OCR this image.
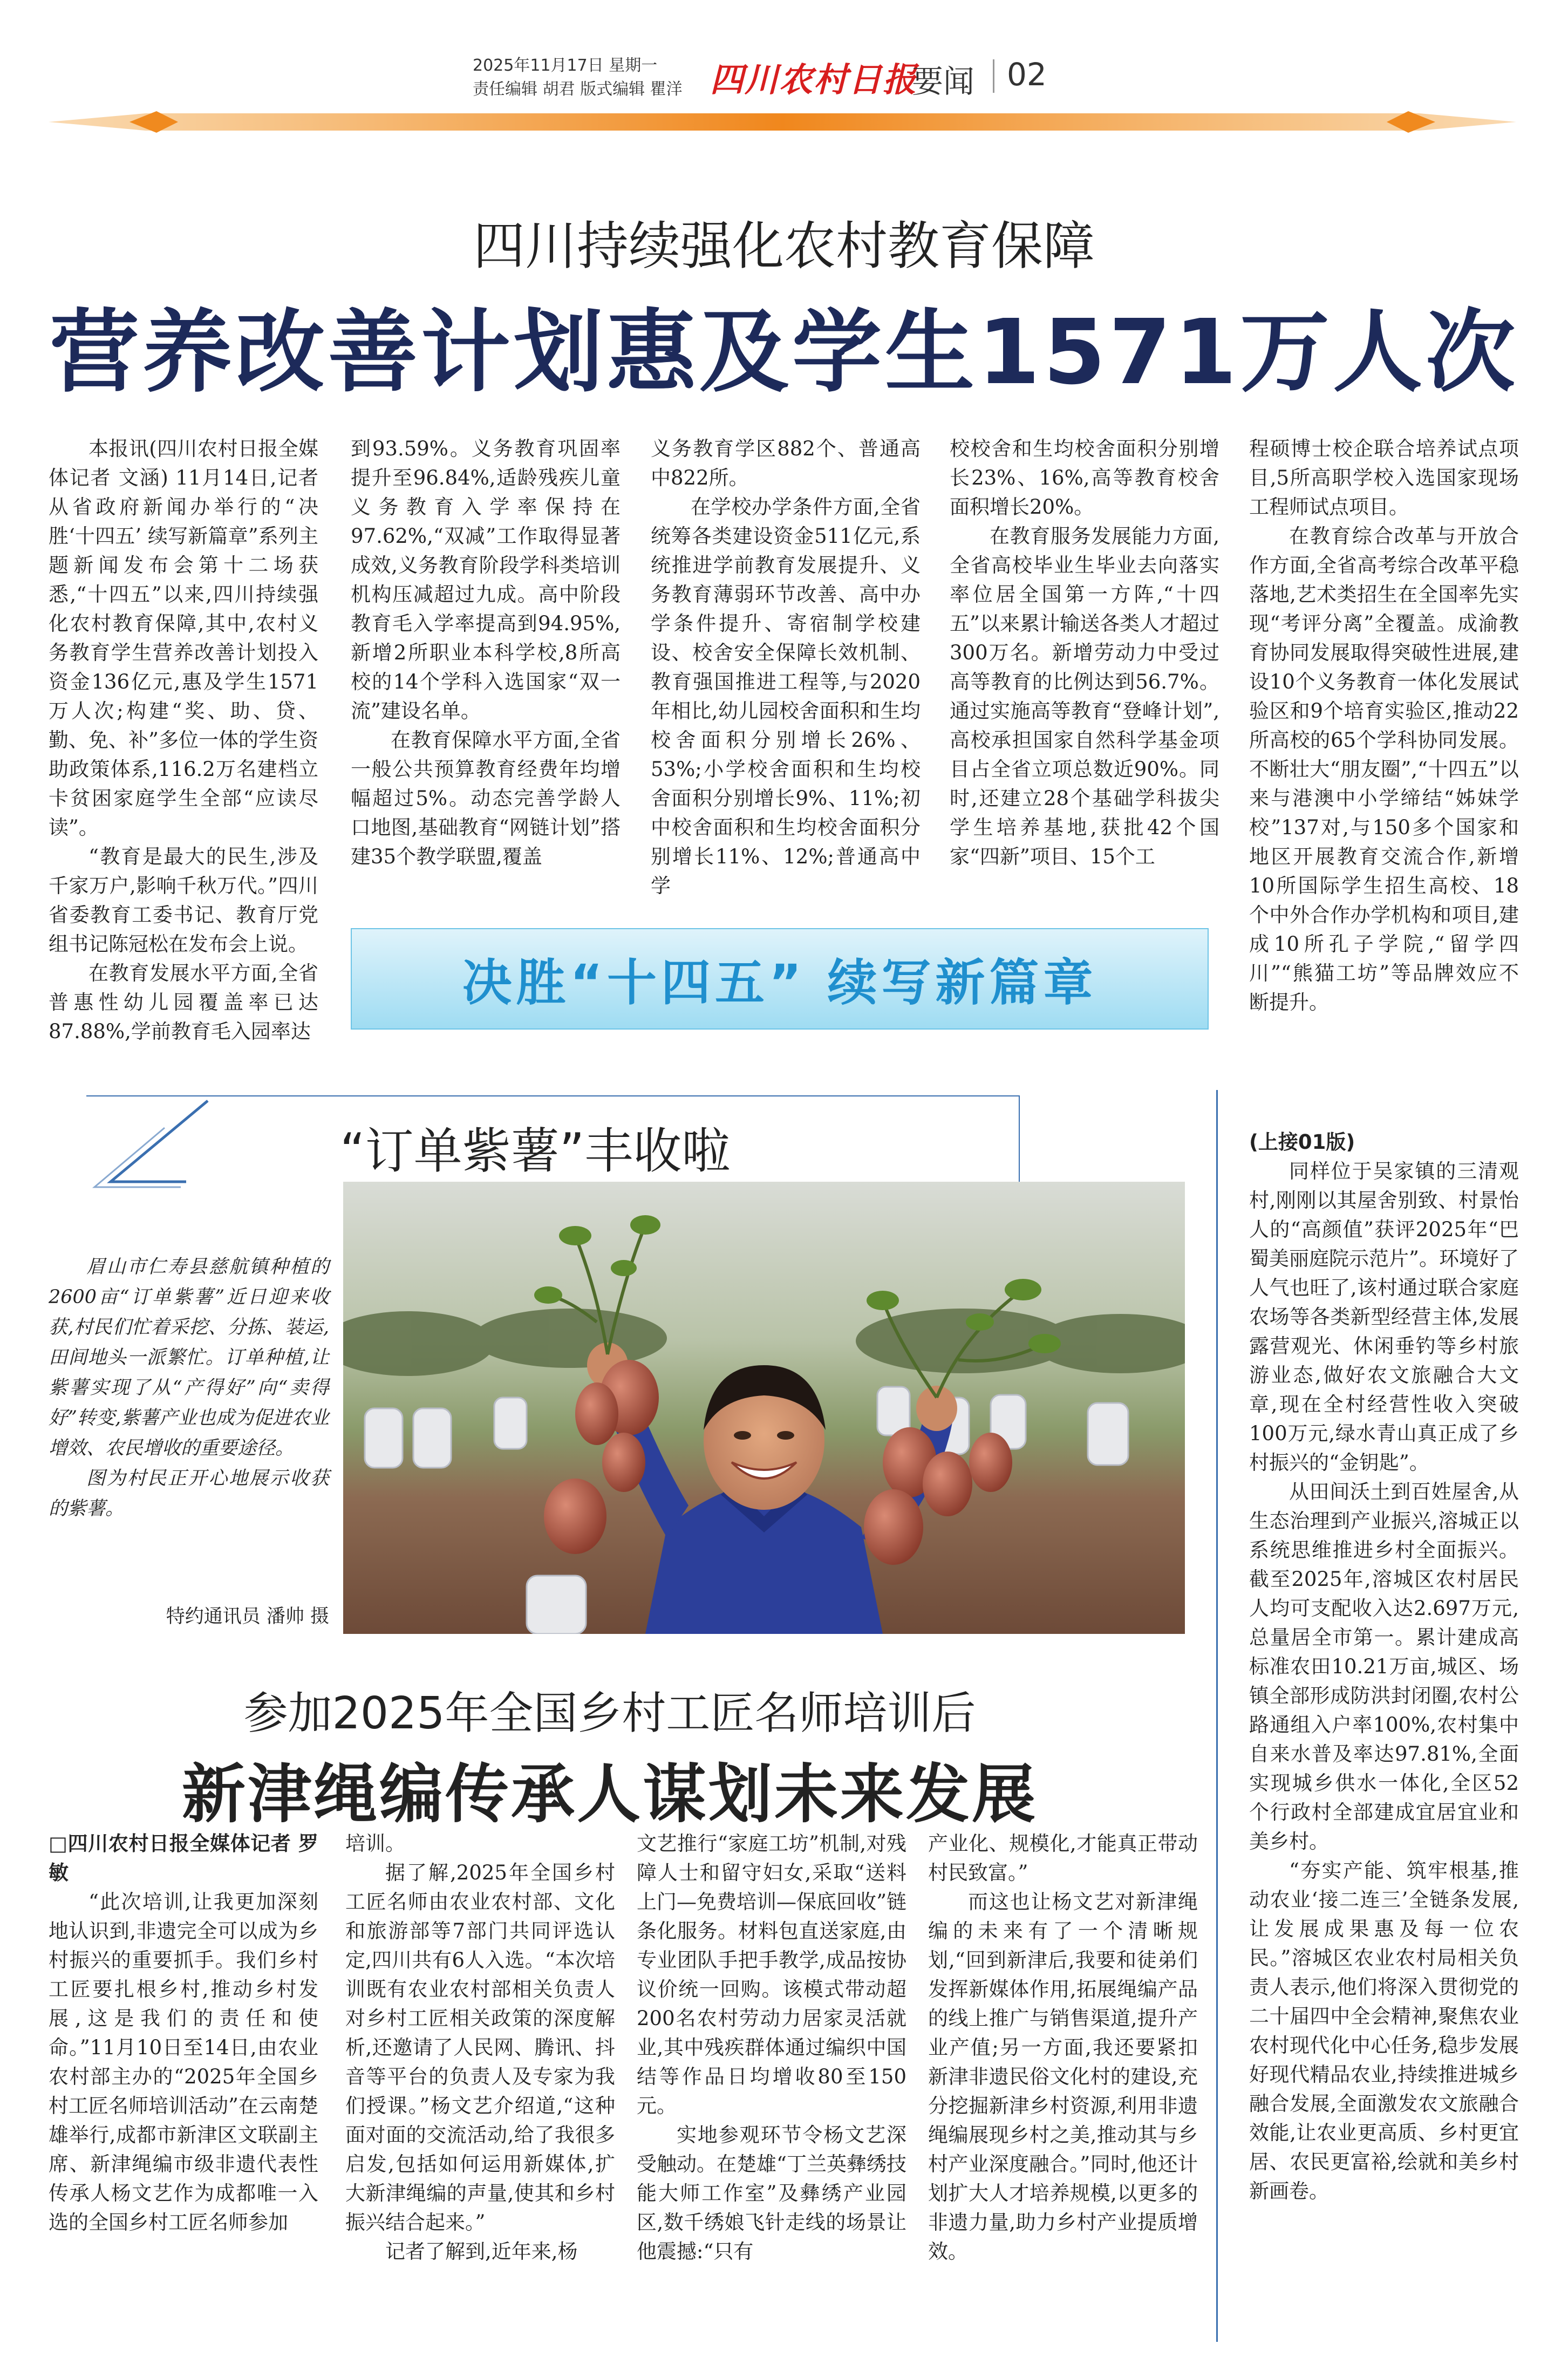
2025年11月17日 星期一
责任编辑 胡君 版式编辑 瞿洋 四川农村日报
要闻 02
四川持续强化农村教育保障
营养改善计划惠及学生1571万人次

本报讯(四川农村日报全媒体记者 文涵) 11月14日,记者从省政府新闻办举行的“决胜‘十四五’ 续写新篇章”系列主题新闻发布会第十二场获悉,“十四五”以来,四川持续强化农村教育保障,其中,农村义务教育学生营养改善计划投入资金136亿元,惠及学生1571万人次;构建“奖、助、贷、勤、免、补”多位一体的学生资助政策体系,116.2万名建档立卡贫困家庭学生全部“应读尽读”。

“教育是最大的民生,涉及千家万户,影响千秋万代。”四川省委教育工委书记、教育厅党组书记陈冠松在发布会上说。

在教育发展水平方面,全省普惠性幼儿园覆盖率已达87.88%,学前教育毛入园率达

到93.59%。义务教育巩固率提升至96.84%,适龄残疾儿童义务教育入学率保持在97.62%,“双减”工作取得显著成效,义务教育阶段学科类培训机构压减超过九成。高中阶段教育毛入学率提高到94.95%,新增2所职业本科学校,8所高校的14个学科入选国家“双一流”建设名单。

在教育保障水平方面,全省一般公共预算教育经费年均增幅超过5%。动态完善学龄人口地图,基础教育“网链计划”搭建35个教学联盟,覆盖

义务教育学区882个、普通高中822所。

在学校办学条件方面,全省统筹各类建设资金511亿元,系统推进学前教育发展提升、义务教育薄弱环节改善、高中办学条件提升、寄宿制学校建设、校舍安全保障长效机制、教育强国推进工程等,与2020年相比,幼儿园校舍面积和生均校舍面积分别增长26%、53%;小学校舍面积和生均校舍面积分别增长9%、11%;初中校舍面积和生均校舍面积分别增长11%、12%;普通高中学

校校舍和生均校舍面积分别增长23%、16%,高等教育校舍面积增长20%。

在教育服务发展能力方面,全省高校毕业生毕业去向落实率位居全国第一方阵,“十四五”以来累计输送各类人才超过300万名。新增劳动力中受过高等教育的比例达到56.7%。通过实施高等教育“登峰计划”,高校承担国家自然科学基金项目占全省立项总数近90%。同时,还建立28个基础学科拔尖学生培养基地,获批42个国家“四新”项目、15个工

程硕博士校企联合培养试点项目,5所高职学校入选国家现场工程师试点项目。

在教育综合改革与开放合作方面,全省高考综合改革平稳落地,艺术类招生在全国率先实现“考评分离”全覆盖。成渝教育协同发展取得突破性进展,建设10个义务教育一体化发展试验区和9个培育实验区,推动22所高校的65个学科协同发展。不断壮大“朋友圈”,“十四五”以来与港澳中小学缔结“姊妹学校”137对,与150多个国家和地区开展教育交流合作,新增10所国际学生招生高校、18个中外合作办学机构和项目,建成10所孔子学院,“留学四川”“熊猫工坊”等品牌效应不断提升。

决胜“十四五” 续写新篇章
“订单紫薯”丰收啦

眉山市仁寿县慈航镇种植的2600亩“订单紫薯”近日迎来收获,村民们忙着采挖、分拣、装运,田间地头一派繁忙。订单种植,让紫薯实现了从“产得好”向“卖得好”转变,紫薯产业也成为促进农业增效、农民增收的重要途径。

图为村民正开心地展示收获的紫薯。

特约通讯员 潘帅 摄

(上接01版)

同样位于吴家镇的三清观村,刚刚以其屋舍别致、村景怡人的“高颜值”获评2025年“巴蜀美丽庭院示范片”。环境好了人气也旺了,该村通过联合家庭农场等各类新型经营主体,发展露营观光、休闲垂钓等乡村旅游业态,做好农文旅融合大文章,现在全村经营性收入突破100万元,绿水青山真正成了乡村振兴的“金钥匙”。

从田间沃土到百姓屋舍,从生态治理到产业振兴,溶城正以系统思维推进乡村全面振兴。截至2025年,溶城区农村居民人均可支配收入达2.697万元,总量居全市第一。累计建成高标准农田10.21万亩,城区、场镇全部形成防洪封闭圈,农村公路通组入户率100%,农村集中自来水普及率达97.81%,全面实现城乡供水一体化,全区52个行政村全部建成宜居宜业和美乡村。

“夯实产能、筑牢根基,推动农业‘接二连三’全链条发展,让发展成果惠及每一位农民。”溶城区农业农村局相关负责人表示,他们将深入贯彻党的二十届四中全会精神,聚焦农业农村现代化中心任务,稳步发展好现代精品农业,持续推进城乡融合发展,全面激发农文旅融合效能,让农业更高质、乡村更宜居、农民更富裕,绘就和美乡村新画卷。

参加2025年全国乡村工匠名师培训后
新津绳编传承人谋划未来发展

□四川农村日报全媒体记者 罗敏

“此次培训,让我更加深刻地认识到,非遗完全可以成为乡村振兴的重要抓手。我们乡村工匠要扎根乡村,推动乡村发展,这是我们的责任和使命。”11月10日至14日,由农业农村部主办的“2025年全国乡村工匠名师培训活动”在云南楚雄举行,成都市新津区文联副主席、新津绳编市级非遗代表性传承人杨文艺作为成都唯一入选的全国乡村工匠名师参加

培训。

据了解,2025年全国乡村工匠名师由农业农村部、文化和旅游部等7部门共同评选认定,四川共有6人入选。“本次培训既有农业农村部相关负责人对乡村工匠相关政策的深度解析,还邀请了人民网、腾讯、抖音等平台的负责人及专家为我们授课。”杨文艺介绍道,“这种面对面的交流活动,给了我很多启发,包括如何运用新媒体,扩大新津绳编的声量,使其和乡村振兴结合起来。”

记者了解到,近年来,杨

文艺推行“家庭工坊”机制,对残障人士和留守妇女,采取“送料上门—免费培训—保底回收”链条化服务。材料包直送家庭,由专业团队手把手教学,成品按协议价统一回购。该模式带动超200名农村劳动力居家灵活就业,其中残疾群体通过编织中国结等作品日均增收80至150元。

实地参观环节令杨文艺深受触动。在楚雄“丁兰英彝绣技能大师工作室”及彝绣产业园区,数千绣娘飞针走线的场景让他震撼:“只有

产业化、规模化,才能真正带动村民致富。”

而这也让杨文艺对新津绳编的未来有了一个清晰规划,“回到新津后,我要和徒弟们发挥新媒体作用,拓展绳编产品的线上推广与销售渠道,提升产业产值;另一方面,我还要紧扣新津非遗民俗文化村的建设,充分挖掘新津乡村资源,利用非遗绳编展现乡村之美,推动其与乡村产业深度融合。”同时,他还计划扩大人才培养规模,以更多的非遗力量,助力乡村产业提质增效。
